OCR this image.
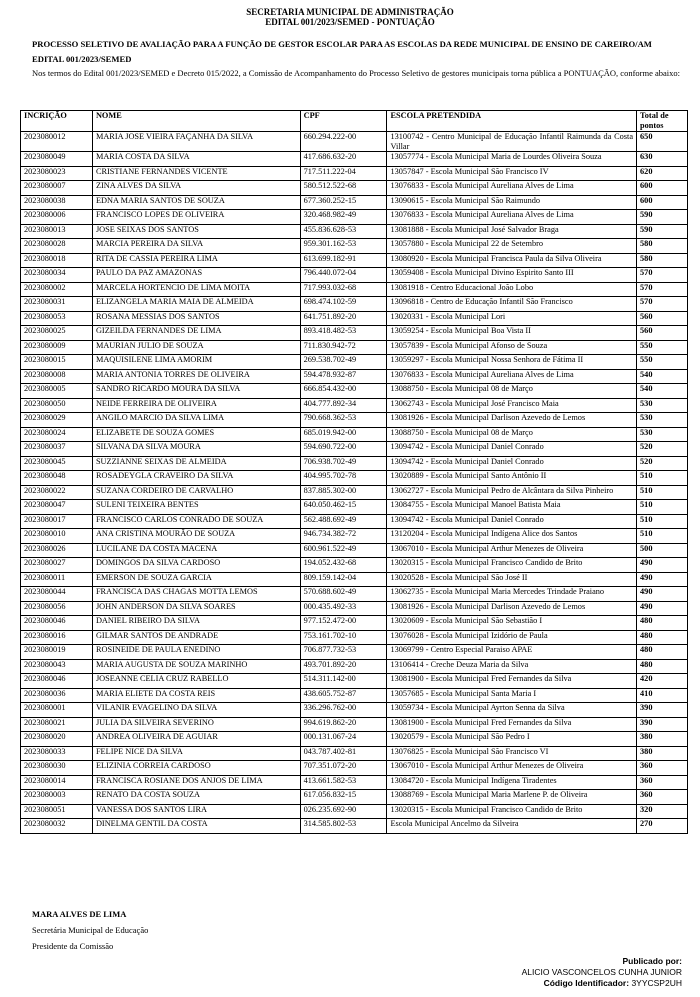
SECRETARIA MUNICIPAL DE ADMINISTRAÇÃO
EDITAL 001/2023/SEMED - PONTUAÇÃO
PROCESSO SELETIVO DE AVALIAÇÃO PARA A FUNÇÃO DE GESTOR ESCOLAR PARA AS ESCOLAS DA REDE MUNICIPAL DE ENSINO DE CAREIRO/AM
EDITAL 001/2023/SEMED
Nos termos do Edital 001/2023/SEMED e Decreto 015/2022, a Comissão de Acompanhamento do Processo Seletivo de gestores municipais torna pública a PONTUAÇÃO, conforme abaixo:
INCRIÇÃO	NOME	CPF	ESCOLA PRETENDIDA	Total de pontos
2023080012	MARIA JOSE VIEIRA FAÇANHA DA SILVA	660.294.222-00	13100742 - Centro Municipal de Educação Infantil Raimunda da Costa Villar	650
2023080049	MARIA COSTA DA SILVA	417.686.632-20	13057774 - Escola Municipal Maria de Lourdes Oliveira Souza	630
2023080023	CRISTIANE FERNANDES VICENTE	717.511.222-04	13057847 - Escola Municipal São Francisco IV	620
2023080007	ZINA ALVES DA SILVA	580.512.522-68	13076833 - Escola Municipal Aureliana Alves de Lima	600
2023080038	EDNA MARIA SANTOS DE SOUZA	677.360.252-15	13090615 - Escola Municipal São Raimundo	600
2023080006	FRANCISCO LOPES DE OLIVEIRA	320.468.982-49	13076833 - Escola Municipal Aureliana Alves de Lima	590
2023080013	JOSE SEIXAS DOS SANTOS	455.836.628-53	13081888 - Escola Municipal José Salvador Braga	590
2023080028	MARCIA PEREIRA DA SILVA	959.301.162-53	13057880 - Escola Municipal 22 de Setembro	580
2023080018	RITA DE CASSIA PEREIRA LIMA	613.699.182-91	13080920 - Escola Municipal Francisca Paula da Silva Oliveira	580
2023080034	PAULO DA PAZ AMAZONAS	796.440.072-04	13059408 - Escola Municipal Divino Espirito Santo III	570
2023080002	MARCELA HORTENCIO DE LIMA MOITA	717.993.032-68	13081918 - Centro Educacional João Lobo	570
2023080031	ELIZANGELA MARIA MAIA DE ALMEIDA	698.474.102-59	13096818 - Centro de Educação Infantil São Francisco	570
2023080053	ROSANA MESSIAS DOS SANTOS	641.751.892-20	13020331 - Escola Municipal Lori	560
2023080025	GIZEILDA FERNANDES DE LIMA	893.418.482-53	13059254 - Escola Municipal Boa Vista II	560
2023080009	MAURIAN JULIO DE SOUZA	711.830.942-72	13057839 - Escola Municipal Afonso de Souza	550
2023080015	MAQUISILENE LIMA AMORIM	269.538.702-49	13059297 - Escola Municipal Nossa Senhora de Fátima II	550
2023080008	MARIA ANTONIA TORRES DE OLIVEIRA	594.478.932-87	13076833 - Escola Municipal Aureliana Alves de Lima	540
2023080005	SANDRO RICARDO MOURA DA SILVA	666.854.432-00	13088750 - Escola Municipal 08 de Março	540
2023080050	NEIDE FERREIRA DE OLIVEIRA	404.777.892-34	13062743 - Escola Municipal José Francisco Maia	530
2023080029	ANGILO MARCIO DA SILVA LIMA	790.668.362-53	13081926 - Escola Municipal Darlison Azevedo de Lemos	530
2023080024	ELIZABETE DE SOUZA GOMES	685.019.942-00	13088750 - Escola Municipal 08 de Março	530
2023080037	SILVANA DA SILVA MOURA	594.690.722-00	13094742 - Escola Municipal Daniel Conrado	520
2023080045	SUZZIANNE SEIXAS DE ALMEIDA	706.938.702-49	13094742 - Escola Municipal Daniel Conrado	520
2023080048	ROSADEYGLA CRAVEIRO DA SILVA	404.995.702-78	13020889 - Escola Municipal Santo Antônio II	510
2023080022	SUZANA CORDEIRO DE CARVALHO	837.885.302-00	13062727 - Escola Municipal Pedro de Alcântara da Silva Pinheiro	510
2023080047	SULENI TEIXEIRA BENTES	640.050.462-15	13084755 - Escola Municipal Manoel Batista Maia	510
2023080017	FRANCISCO CARLOS CONRADO DE SOUZA	562.488.692-49	13094742 - Escola Municipal Daniel Conrado	510
2023080010	ANA CRISTINA MOURÃO DE SOUZA	946.734.382-72	13120204 - Escola Municipal Indígena Alice dos Santos	510
2023080026	LUCILANE DA COSTA MACENA	600.961.522-49	13067010 - Escola Municipal Arthur Menezes de Oliveira	500
2023080027	DOMINGOS DA SILVA CARDOSO	194.052.432-68	13020315 - Escola Municipal Francisco Candido de Brito	490
2023080011	EMERSON DE SOUZA GARCIA	809.159.142-04	13020528 - Escola Municipal São José II	490
2023080044	FRANCISCA DAS CHAGAS MOTTA LEMOS	570.688.602-49	13062735 - Escola Municipal Maria Mercedes Trindade Praiano	490
2023080056	JOHN ANDERSON DA SILVA SOARES	000.435.492-33	13081926 - Escola Municipal Darlison Azevedo de Lemos	490
2023080046	DANIEL RIBEIRO DA SILVA	977.152.472-00	13020609 - Escola Municipal São Sebastião I	480
2023080016	GILMAR SANTOS DE ANDRADE	753.161.702-10	13076028 - Escola Municipal Izidório de Paula	480
2023080019	ROSINEIDE DE PAULA ENEDINO	706.877.732-53	13069799 - Centro Especial Paraiso APAE	480
2023080043	MARIA AUGUSTA DE SOUZA MARINHO	493.701.892-20	13106414 - Creche Deuza Maria da Silva	480
2023080046	JOSEANNE CELIA CRUZ RABELLO	514.311.142-00	13081900 - Escola Municipal Fred Fernandes da Silva	420
2023080036	MARIA ELIETE DA COSTA REIS	438.605.752-87	13057685 - Escola Municipal Santa Maria I	410
2023080001	VILANIR EVAGELINO DA SILVA	336.296.762-00	13059734 - Escola Municipal Ayrton Senna da Silva	390
2023080021	JULIA DA SILVEIRA SEVERINO	994.619.862-20	13081900 - Escola Municipal Fred Fernandes da Silva	390
2023080020	ANDREA OLIVEIRA DE AGUIAR	000.131.067-24	13020579 - Escola Municipal São Pedro I	380
2023080033	FELIPE NICE DA SILVA	043.787.402-81	13076825 - Escola Municipal São Francisco VI	380
2023080030	ELIZINIA CORREIA CARDOSO	707.351.072-20	13067010 - Escola Municipal Arthur Menezes de Oliveira	360
2023080014	FRANCISCA ROSIANE DOS ANJOS DE LIMA	413.661.582-53	13084720 - Escola Municipal Indígena Tiradentes	360
2023080003	RENATO DA COSTA SOUZA	617.056.832-15	13088769 - Escola Municipal Maria Marlene P. de Oliveira	360
2023080051	VANESSA DOS SANTOS LIRA	026.235.692-90	13020315 - Escola Municipal Francisco Candido de Brito	320
2023080032	DINELMA GENTIL DA COSTA	314.585.802-53	Escola Municipal Ancelmo da Silveira	270
MARA ALVES DE LIMA
Secretária Municipal de Educação
Presidente da Comissão
Publicado por:
ALICIO VASCONCELOS CUNHA JUNIOR
Código Identificador: 3YYCSP2UH
